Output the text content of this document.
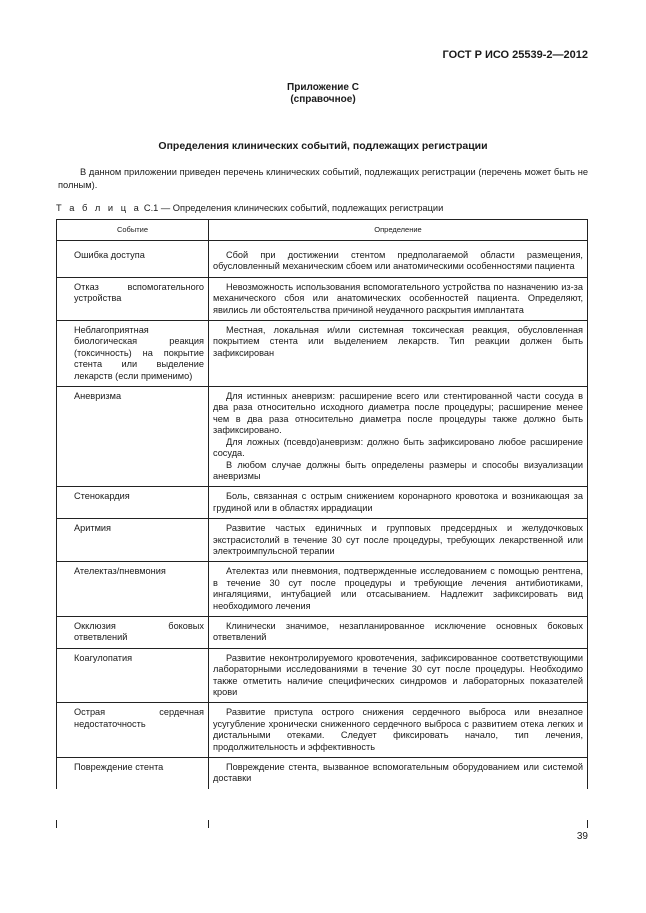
ГОСТ Р ИСО 25539-2—2012
Приложение С
(справочное)
Определения клинических событий, подлежащих регистрации
В данном приложении приведен перечень клинических событий, подлежащих регистрации (перечень может быть не полным).
Т а б л и ц а С.1 — Определения клинических событий, подлежащих регистрации
Событие	Определение

Ошибка доступа	Сбой при достижении стентом предполагаемой области размещения, обусловленный механическим сбоем или анатомическими особенностями пациента

Отказ вспомогательного устройства	Невозможность использования вспомогательного устройства по назначению из-за механического сбоя или анатомических особенностей пациента. Определяют, явились ли обстоятельства причиной неудачного раскрытия имплантата

Неблагоприятная биологическая реакция (токсичность) на покрытие стента или выделение лекарств (если применимо)	Местная, локальная и/или системная токсическая реакция, обусловленная покрытием стента или выделением лекарств. Тип реакции должен быть зафиксирован

Аневризма	Для истинных аневризм: расширение всего или стентированной части сосуда в два раза относительно исходного диаметра после процедуры; расширение менее чем в два раза относительно диаметра после процедуры также должно быть зафиксировано.

Для ложных (псевдо)аневризм: должно быть зафиксировано любое расширение сосуда.

В любом случае должны быть определены размеры и способы визуализации аневризмы

Стенокардия	Боль, связанная с острым снижением коронарного кровотока и возникающая за грудиной или в областях иррадиации

Аритмия	Развитие частых единичных и групповых предсердных и желудочковых экстрасистолий в течение 30 сут после процедуры, требующих лекарственной или электроимпульсной терапии

Ателектаз/пневмония	Ателектаз или пневмония, подтвержденные исследованием с помощью рентгена, в течение 30 сут после процедуры и требующие лечения антибиотиками, ингаляциями, интубацией или отсасыванием. Надлежит зафиксировать вид необходимого лечения

Окклюзия боковых ответвлений	Клинически значимое, незапланированное исключение основных боковых ответвлений

Коагулопатия	Развитие неконтролируемого кровотечения, зафиксированное соответствующими лабораторными исследованиями в течение 30 сут после процедуры. Необходимо также отметить наличие специфических синдромов и лабораторных показателей крови

Острая сердечная недостаточность	Развитие приступа острого снижения сердечного выброса или внезапное усугубление хронически сниженного сердечного выброса с развитием отека легких и дистальными отеками. Следует фиксировать начало, тип лечения, продолжительность и эффективность

Повреждение стента	Повреждение стента, вызванное вспомогательным оборудованием или системой доставки

39
